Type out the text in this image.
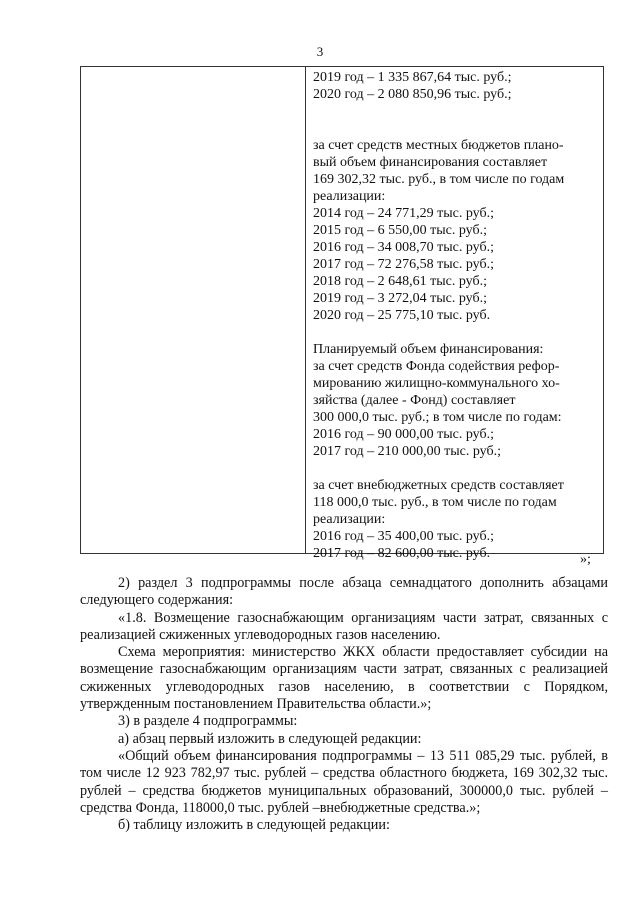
3
2019 год – 1 335 867,64 тыс. руб.;
2020 год – 2 080 850,96 тыс. руб.;
за счет средств местных бюджетов плано-
вый объем финансирования составляет
169 302,32 тыс. руб., в том числе по годам
реализации:
2014 год – 24 771,29 тыс. руб.;
2015 год – 6 550,00 тыс. руб.;
2016 год – 34 008,70 тыс. руб.;
2017 год – 72 276,58 тыс. руб.;
2018 год – 2 648,61 тыс. руб.;
2019 год – 3 272,04 тыс. руб.;
2020 год – 25 775,10 тыс. руб.
Планируемый объем финансирования:
за счет средств Фонда содействия рефор-
мированию жилищно-коммунального хо-
зяйства (далее - Фонд) составляет
300 000,0 тыс. руб.; в том числе по годам:
2016 год – 90 000,00 тыс. руб.;
2017 год – 210 000,00 тыс. руб.;
за счет внебюджетных средств составляет
118 000,0 тыс. руб., в том числе по годам
реализации:
2016 год – 35 400,00 тыс. руб.;
2017 год – 82 600,00 тыс. руб.	»;

2) раздел 3 подпрограммы после абзаца семнадцатого дополнить абзацами следующего содержания:

«1.8. Возмещение газоснабжающим организациям части затрат, связанных с реализацией сжиженных углеводородных газов населению.

Схема мероприятия: министерство ЖКХ области предоставляет субсидии на возмещение газоснабжающим организациям части затрат, связанных с реализацией сжиженных углеводородных газов населению, в соответствии с Порядком, утвержденным постановлением Правительства области.»;

3) в разделе 4 подпрограммы:

а) абзац первый изложить в следующей редакции:

«Общий объем финансирования подпрограммы – 13 511 085,29 тыс. рублей, в том числе 12 923 782,97 тыс. рублей – средства областного бюджета, 169 302,32 тыс. рублей – средства бюджетов муниципальных образований, 300000,0 тыс. рублей – средства Фонда, 118000,0 тыс. рублей –внебюджетные средства.»;

б) таблицу изложить в следующей редакции:
